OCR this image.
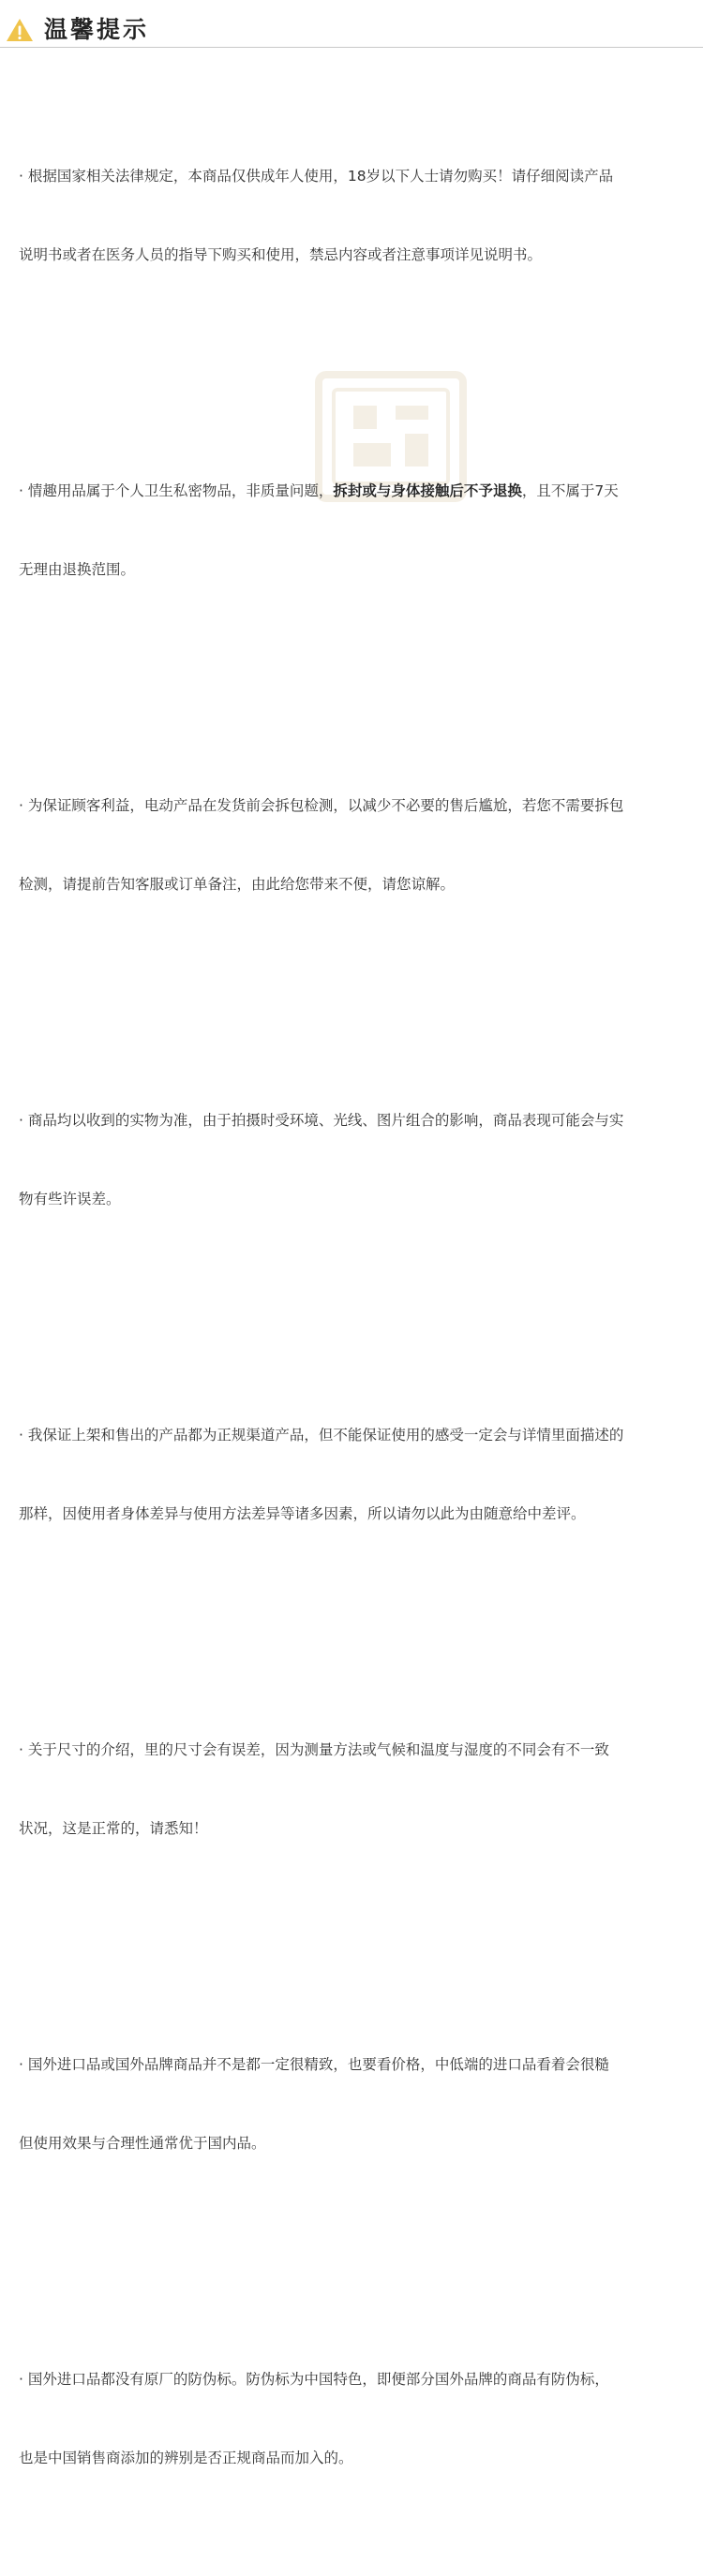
温馨提示

· 根据国家相关法律规定，本商品仅供成年人使用，18岁以下人士请勿购买！请仔细阅读产品

说明书或者在医务人员的指导下购买和使用，禁忌内容或者注意事项详见说明书。

· 情趣用品属于个人卫生私密物品，非质量问题，拆封或与身体接触后不予退换，且不属于7天

无理由退换范围。

· 为保证顾客利益，电动产品在发货前会拆包检测，以减少不必要的售后尴尬，若您不需要拆包

检测，请提前告知客服或订单备注，由此给您带来不便，请您谅解。

· 商品均以收到的实物为准，由于拍摄时受环境、光线、图片组合的影响，商品表现可能会与实

物有些许误差。

· 我保证上架和售出的产品都为正规渠道产品，但不能保证使用的感受一定会与详情里面描述的

那样，因使用者身体差异与使用方法差异等诸多因素，所以请勿以此为由随意给中差评。

· 关于尺寸的介绍，里的尺寸会有误差，因为测量方法或气候和温度与湿度的不同会有不一致

状况，这是正常的，请悉知！

· 国外进口品或国外品牌商品并不是都一定很精致，也要看价格，中低端的进口品看着会很糙

但使用效果与合理性通常优于国内品。

· 国外进口品都没有原厂的防伪标。防伪标为中国特色，即便部分国外品牌的商品有防伪标，

也是中国销售商添加的辨别是否正规商品而加入的。
